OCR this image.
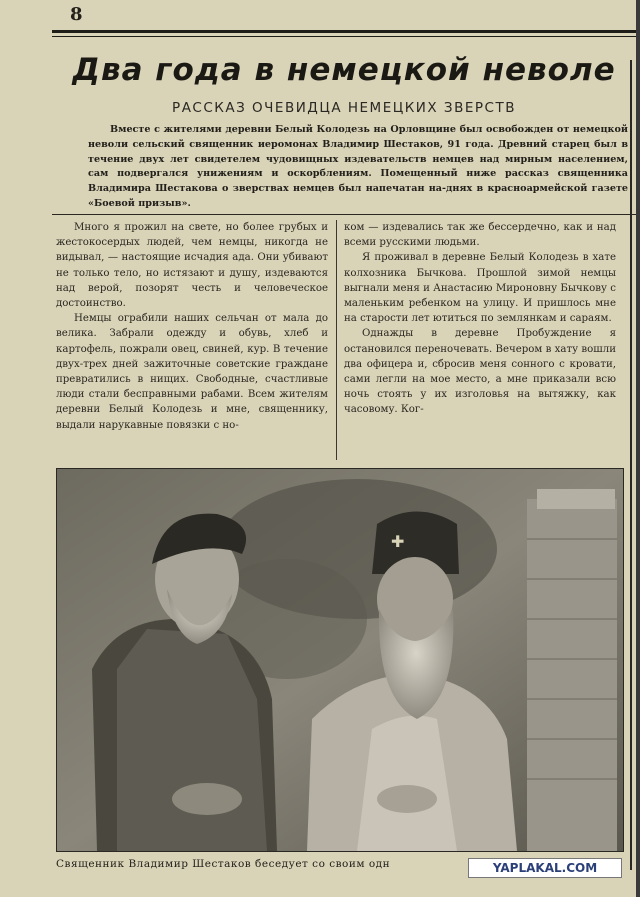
8
Два года в немецкой неволе
РАССКАЗ ОЧЕВИДЦА НЕМЕЦКИХ ЗВЕРСТВ
Вместе с жителями деревни Белый Колодезь на Орловщине был освобожден от немецкой неволи сельский священник иеромонах Владимир Шестаков, 91 года. Древний старец был в течение двух лет свидетелем чудовищных издевательств немцев над мирным населением, сам подвергался унижениям и оскорблениям. Помещенный ниже рассказ священника Владимира Шестакова о зверствах немцев был напечатан на-днях в красноармейской газете «Боевой призыв».

Много я прожил на свете, но более грубых и жестокосердых людей, чем немцы, никогда не видывал, — настоящие исчадия ада. Они убивают не только тело, но истязают и душу, издеваются над верой, позорят честь и человеческое достоинство.

Немцы ограбили наших сельчан от мала до велика. Забрали одежду и обувь, хлеб и картофель, пожрали овец, свиней, кур. В течение двух-трех дней зажиточные советские граждане превратились в нищих. Свободные, счастливые люди стали бесправными рабами. Всем жителям деревни Белый Колодезь и мне, священнику, выдали нарукавные повязки с но-

ком — издевались так же бессердечно, как и над всеми русскими людьми.

Я проживал в деревне Белый Колодезь в хате колхозника Бычкова. Прошлой зимой немцы выгнали меня и Анастасию Мироновну Бычкову с маленьким ребенком на улицу. И пришлось мне на старости лет ютиться по землянкам и сараям.

Однажды в деревне Пробуждение я остановился переночевать. Вечером в хату вошли два офицера и, сбросив меня сонного с кровати, сами легли на мое место, а мне приказали всю ночь стоять у их изголовья на вытяжку, как часовому. Ког-

✚
Священник Владимир Шестаков беседует со своим одн	YAPLAKAL.COM
